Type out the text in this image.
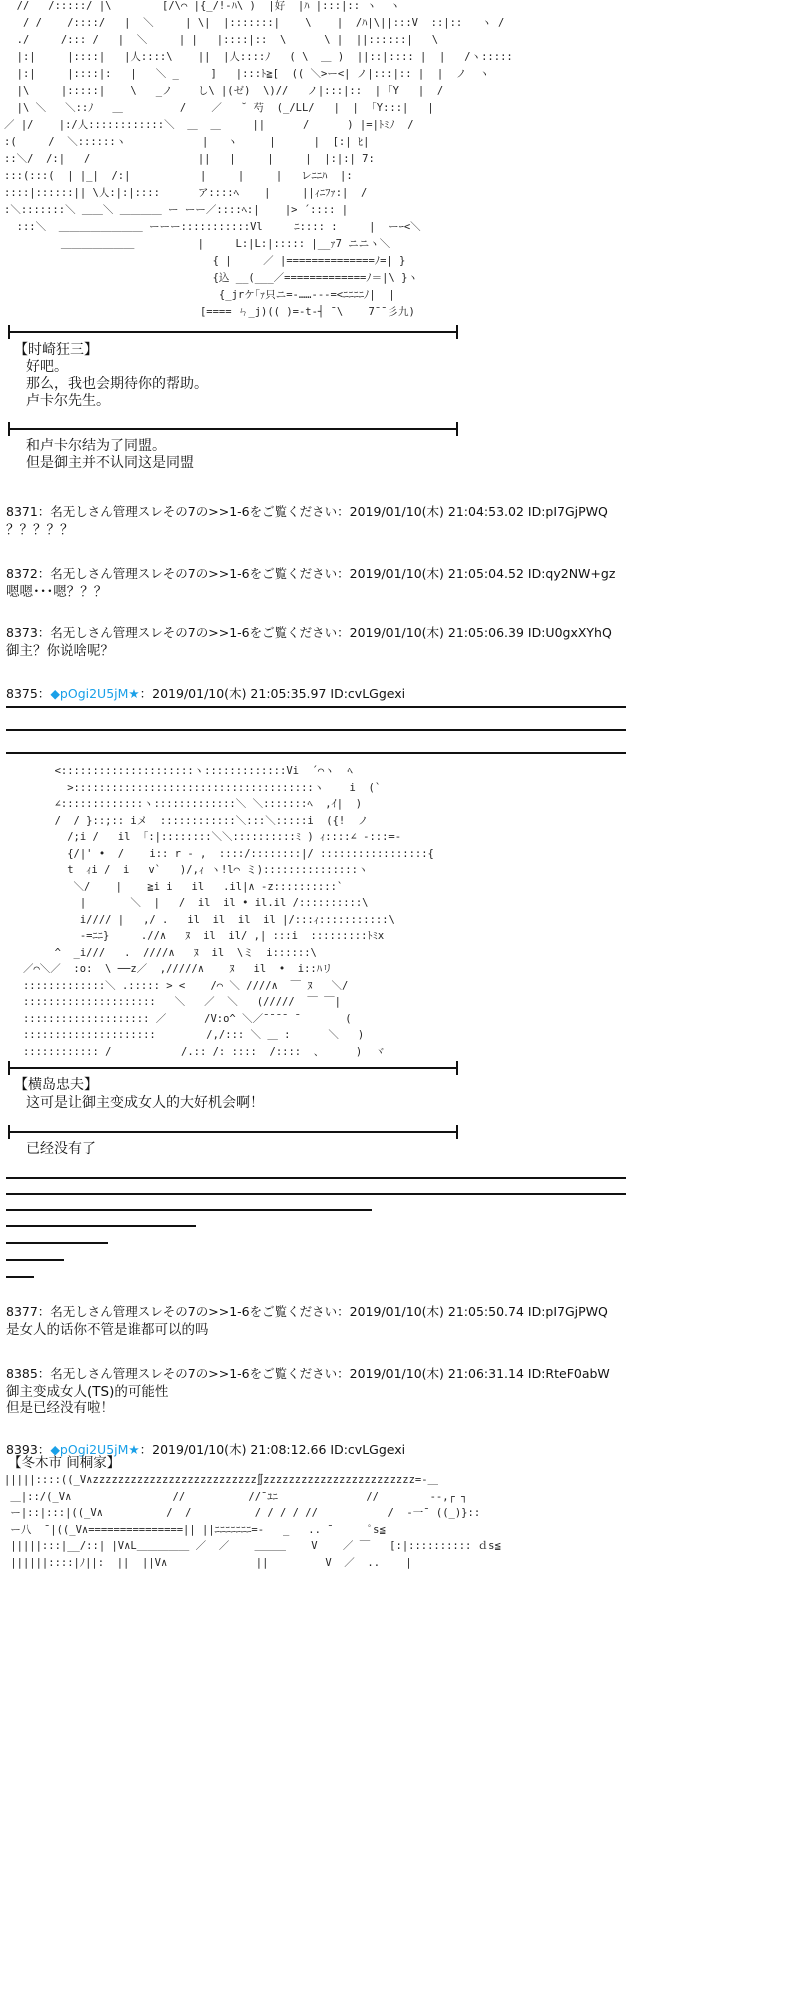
//   /:::::/ |\        [/\⌒ |{_/!-ﾊ\ )  |好  |ﾊ |:::|:: ヽ  ヽ
/ /    /::::/   |  ＼     | \|  |:::::::|    \    |  /ﾊ|\||:::V  ::|::   ヽ /
./     /::: /   |  ＼     | |   |::::|::  \      \ |  ||::::::|   \
|:|     |::::|   |人::::\    ||  |人::::ﾉ   ( \  ＿ )  ||::|:::: |  |   /ヽ:::::
|:|     |::::|:   |   ＼ _     ]   |:::ﾄ≧[  (( ＼>ー<| ノ|:::|:: |  |  ノ  ヽ
|\     |:::::|    \   _ノ    し\ |(ゼ)  \)//   ノ|:::|::  | ｢Y   |  /
|\ ＼   ＼::ﾉ   ＿         /    ／   ˘ 芍  (_/LL/   |  |  ｢Y:::|   |
／ |/    |:/人::::::::::::＼  ＿  ＿     ||      /      ) |=|ﾄﾐﾉ  /
:(     /  ＼::::::ヽ            |   ヽ     |      |  [:| ﾋ|
::＼/  /:|   /                 ||   |     |     |  |:|:| 7:
:::(:::(  | |_|  /:|           |     |     |   レﾆﾆﾊ  |:
::::|::::::|| \人:|:|::::      ア::::ﾍ    |     ||ｨﾆﾌｧ:|  /
:＼:::::::＼ ＿＿＼ ＿＿＿＿ ー ーー／::::ﾍ:|    |> ´:::: |
:::＼  ＿＿＿＿＿＿＿＿ ーーー:::::::::::Vl     ﾆ:::: :     |  ーｰ<＼
＿＿＿＿＿＿＿          |     L:|L:|::::: |__ｧ7 ニニヽ＼
{ |     ／ |==============ﾉ=| }
{込 __(___／=============ﾉ＝|\ }ヽ
{_jrケ｢ｧ只ニ=-……---=<ﾆﾆﾆﾆﾉ|  |
[==== ㄣ_j)(( )=-t-┤ ¯\    7¯¯彡九)
【时崎狂三】
好吧。
那么，我也会期待你的帮助。
卢卡尔先生。
和卢卡尔结为了同盟。
但是御主并不认同这是同盟
8371：名无しさん管理スレその7の>>1-6をご覧ください：2019/01/10(木) 21:04:53.02 ID:pI7GjPWQ
？？？？？
8372：名无しさん管理スレその7の>>1-6をご覧ください：2019/01/10(木) 21:05:04.52 ID:qy2NW+gz
嗯嗯･･･嗯？？？
8373：名无しさん管理スレその7の>>1-6をご覧ください：2019/01/10(木) 21:05:06.39 ID:U0gxXYhQ
御主？你说啥呢？
8375：◆pOgi2U5jM★：2019/01/10(木) 21:05:35.97 ID:cvLGgexi
<:::::::::::::::::::::ヽ:::::::::::::Vi  ´⌒ヽ  ﾍ
>::::::::::::::::::::::::::::::::::::::ヽ    i  (`
∠:::::::::::::ヽ:::::::::::::＼ ＼:::::::ﾍ  ,ｲ|  )
/  / }::;:: iメ  ::::::::::::＼:::＼:::::i  ({!  ノ
/;i /   il  ｢:|::::::::＼＼::::::::::ﾐ ) ｨ::::∠ -:::=-
{/|' •  /    i:: r - ,  ::::/::::::::|/ :::::::::::::::::{
t  ｨi /  i   v`   )/,ｨ ヽ!l⌒ ミ):::::::::::::::ヽ
＼/    |    ≧i i   il   .il|∧ -z::::::::::`
|       ＼  |   /  il  il • il.il /::::::::::\
i//// |   ,/ .   il  il  il  il |/:::ｨ:::::::::::\
-=ﾆﾆ}     .//∧   ﾇ  il  il/ ,| :::i  :::::::::ﾄﾐx
^  _i///   .  ////∧   ﾇ  il  \ミ  i::::::\
／⌒＼／  :o:  \ ──z／  ,/////∧    ﾇ   il  •  i::ﾊリ
:::::::::::::＼ .::::: > <    /⌒ ＼ ////∧  ￣ ﾇ   ＼/
:::::::::::::::::::::   ＼   ／  ＼   (/////  ￣ ￣|
:::::::::::::::::::: ／      /V:o^ ＼／¯¯¯¯ ¯       (
:::::::::::::::::::::        /,/::: ＼ ＿ :      ＼   )
:::::::::::: /           /.:: /: ::::  /::::  、     )  ヾ
【横岛忠夫】
这可是让御主变成女人的大好机会啊！
已经没有了
8377：名无しさん管理スレその7の>>1-6をご覧ください：2019/01/10(木) 21:05:50.74 ID:pI7GjPWQ
是女人的话你不管是谁都可以的吗
8385：名无しさん管理スレその7の>>1-6をご覧ください：2019/01/10(木) 21:06:31.14 ID:RteF0abW
御主变成女人(TS)的可能性
但是已经没有啦！
8393：◆pOgi2U5jM★：2019/01/10(木) 21:08:12.66 ID:cvLGgexi
【冬木市 间桐家】
|||||::::((_V∧zzzzzzzzzzzzzzzzzzzzzzzzzz∬zzzzzzzzzzzzzzzzzzzzzzzz=-＿
＿|::/(_V∧                //          //¯ﾕﾆ              //        --,┌ ┐
ー|::|:::|((_V∧          /  /          / / / / //           /  ‐一¯ ((_)}::
ー八  ¯|((_V∧===============|| ||ﾆﾆﾆﾆﾆﾆﾆ=-   _   .. ¯      ﾟs≦
|||||:::|__/::| |V∧L＿＿＿＿＿ ／  ／    ＿＿＿    V    ／ ￣   [:|:::::::::: ｄs≦
||||||::::|ﾉ||:  ||  ||V∧              ||         V  ／  ..    |
